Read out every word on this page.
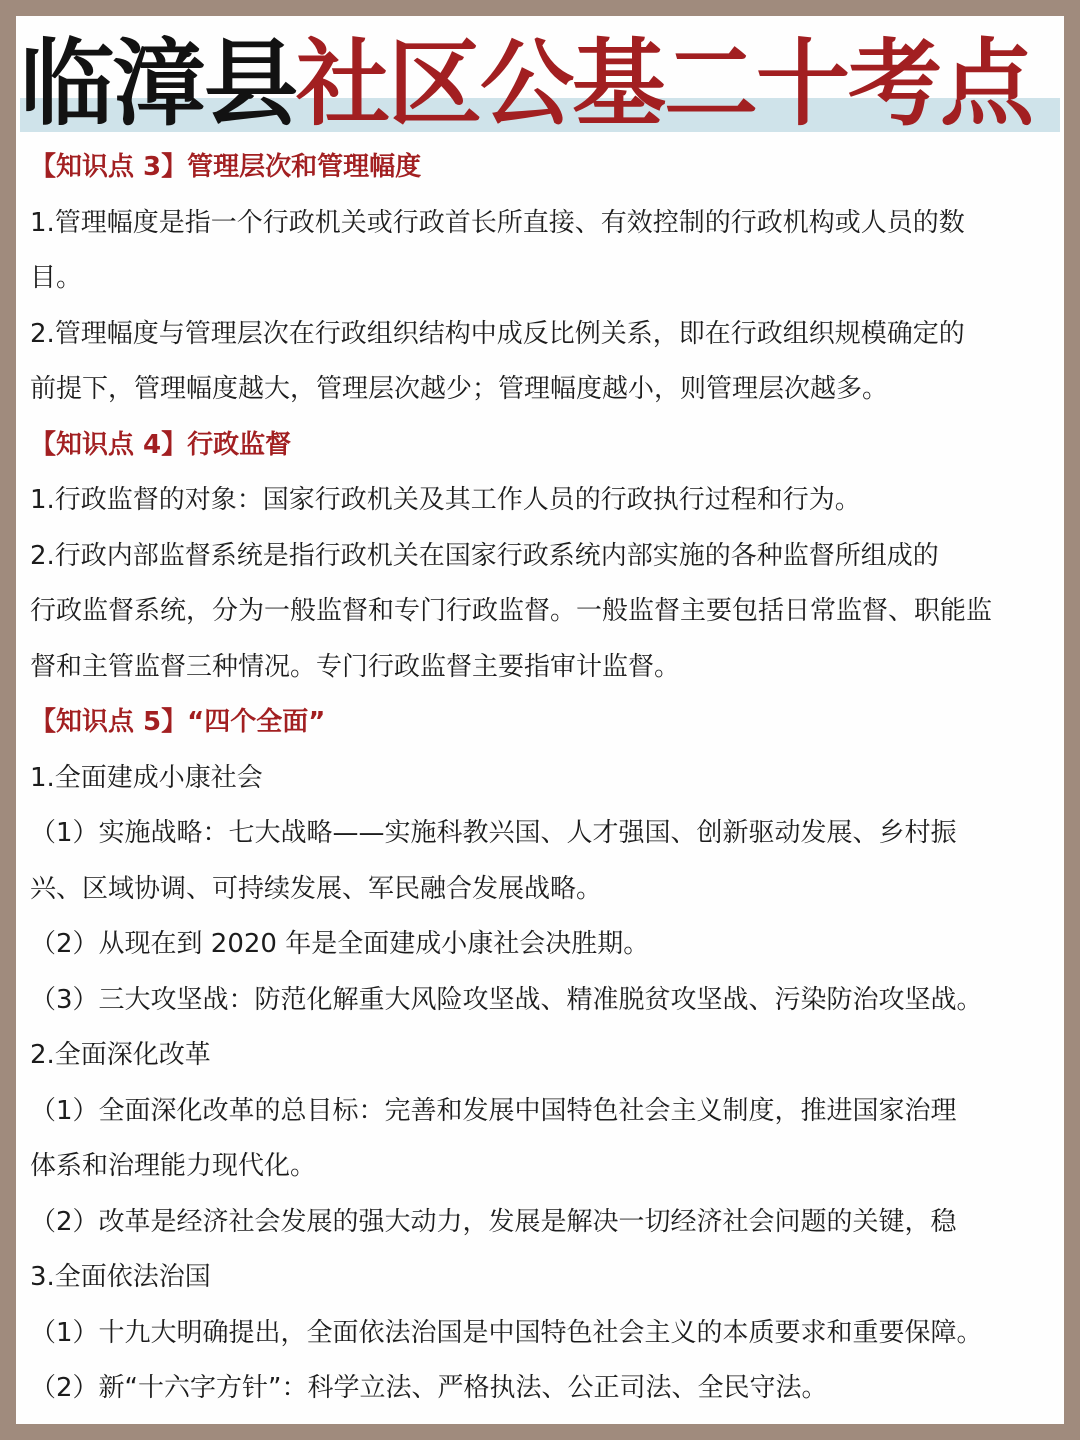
临漳县社区公基二十考点
【知识点 3】管理层次和管理幅度
1.管理幅度是指一个行政机关或行政首长所直接、有效控制的行政机构或人员的数
目。
2.管理幅度与管理层次在行政组织结构中成反比例关系，即在行政组织规模确定的
前提下，管理幅度越大，管理层次越少；管理幅度越小，则管理层次越多。
【知识点 4】行政监督
1.行政监督的对象：国家行政机关及其工作人员的行政执行过程和行为。
2.行政内部监督系统是指行政机关在国家行政系统内部实施的各种监督所组成的
行政监督系统，分为一般监督和专门行政监督。一般监督主要包括日常监督、职能监
督和主管监督三种情况。专门行政监督主要指审计监督。
【知识点 5】“四个全面”
1.全面建成小康社会
（1）实施战略：七大战略——实施科教兴国、人才强国、创新驱动发展、乡村振
兴、区域协调、可持续发展、军民融合发展战略。
（2）从现在到 2020 年是全面建成小康社会决胜期。
（3）三大攻坚战：防范化解重大风险攻坚战、精准脱贫攻坚战、污染防治攻坚战。
2.全面深化改革
（1）全面深化改革的总目标：完善和发展中国特色社会主义制度，推进国家治理
体系和治理能力现代化。
（2）改革是经济社会发展的强大动力，发展是解决一切经济社会问题的关键，稳
3.全面依法治国
（1）十九大明确提出，全面依法治国是中国特色社会主义的本质要求和重要保障。
（2）新“十六字方针”：科学立法、严格执法、公正司法、全民守法。
